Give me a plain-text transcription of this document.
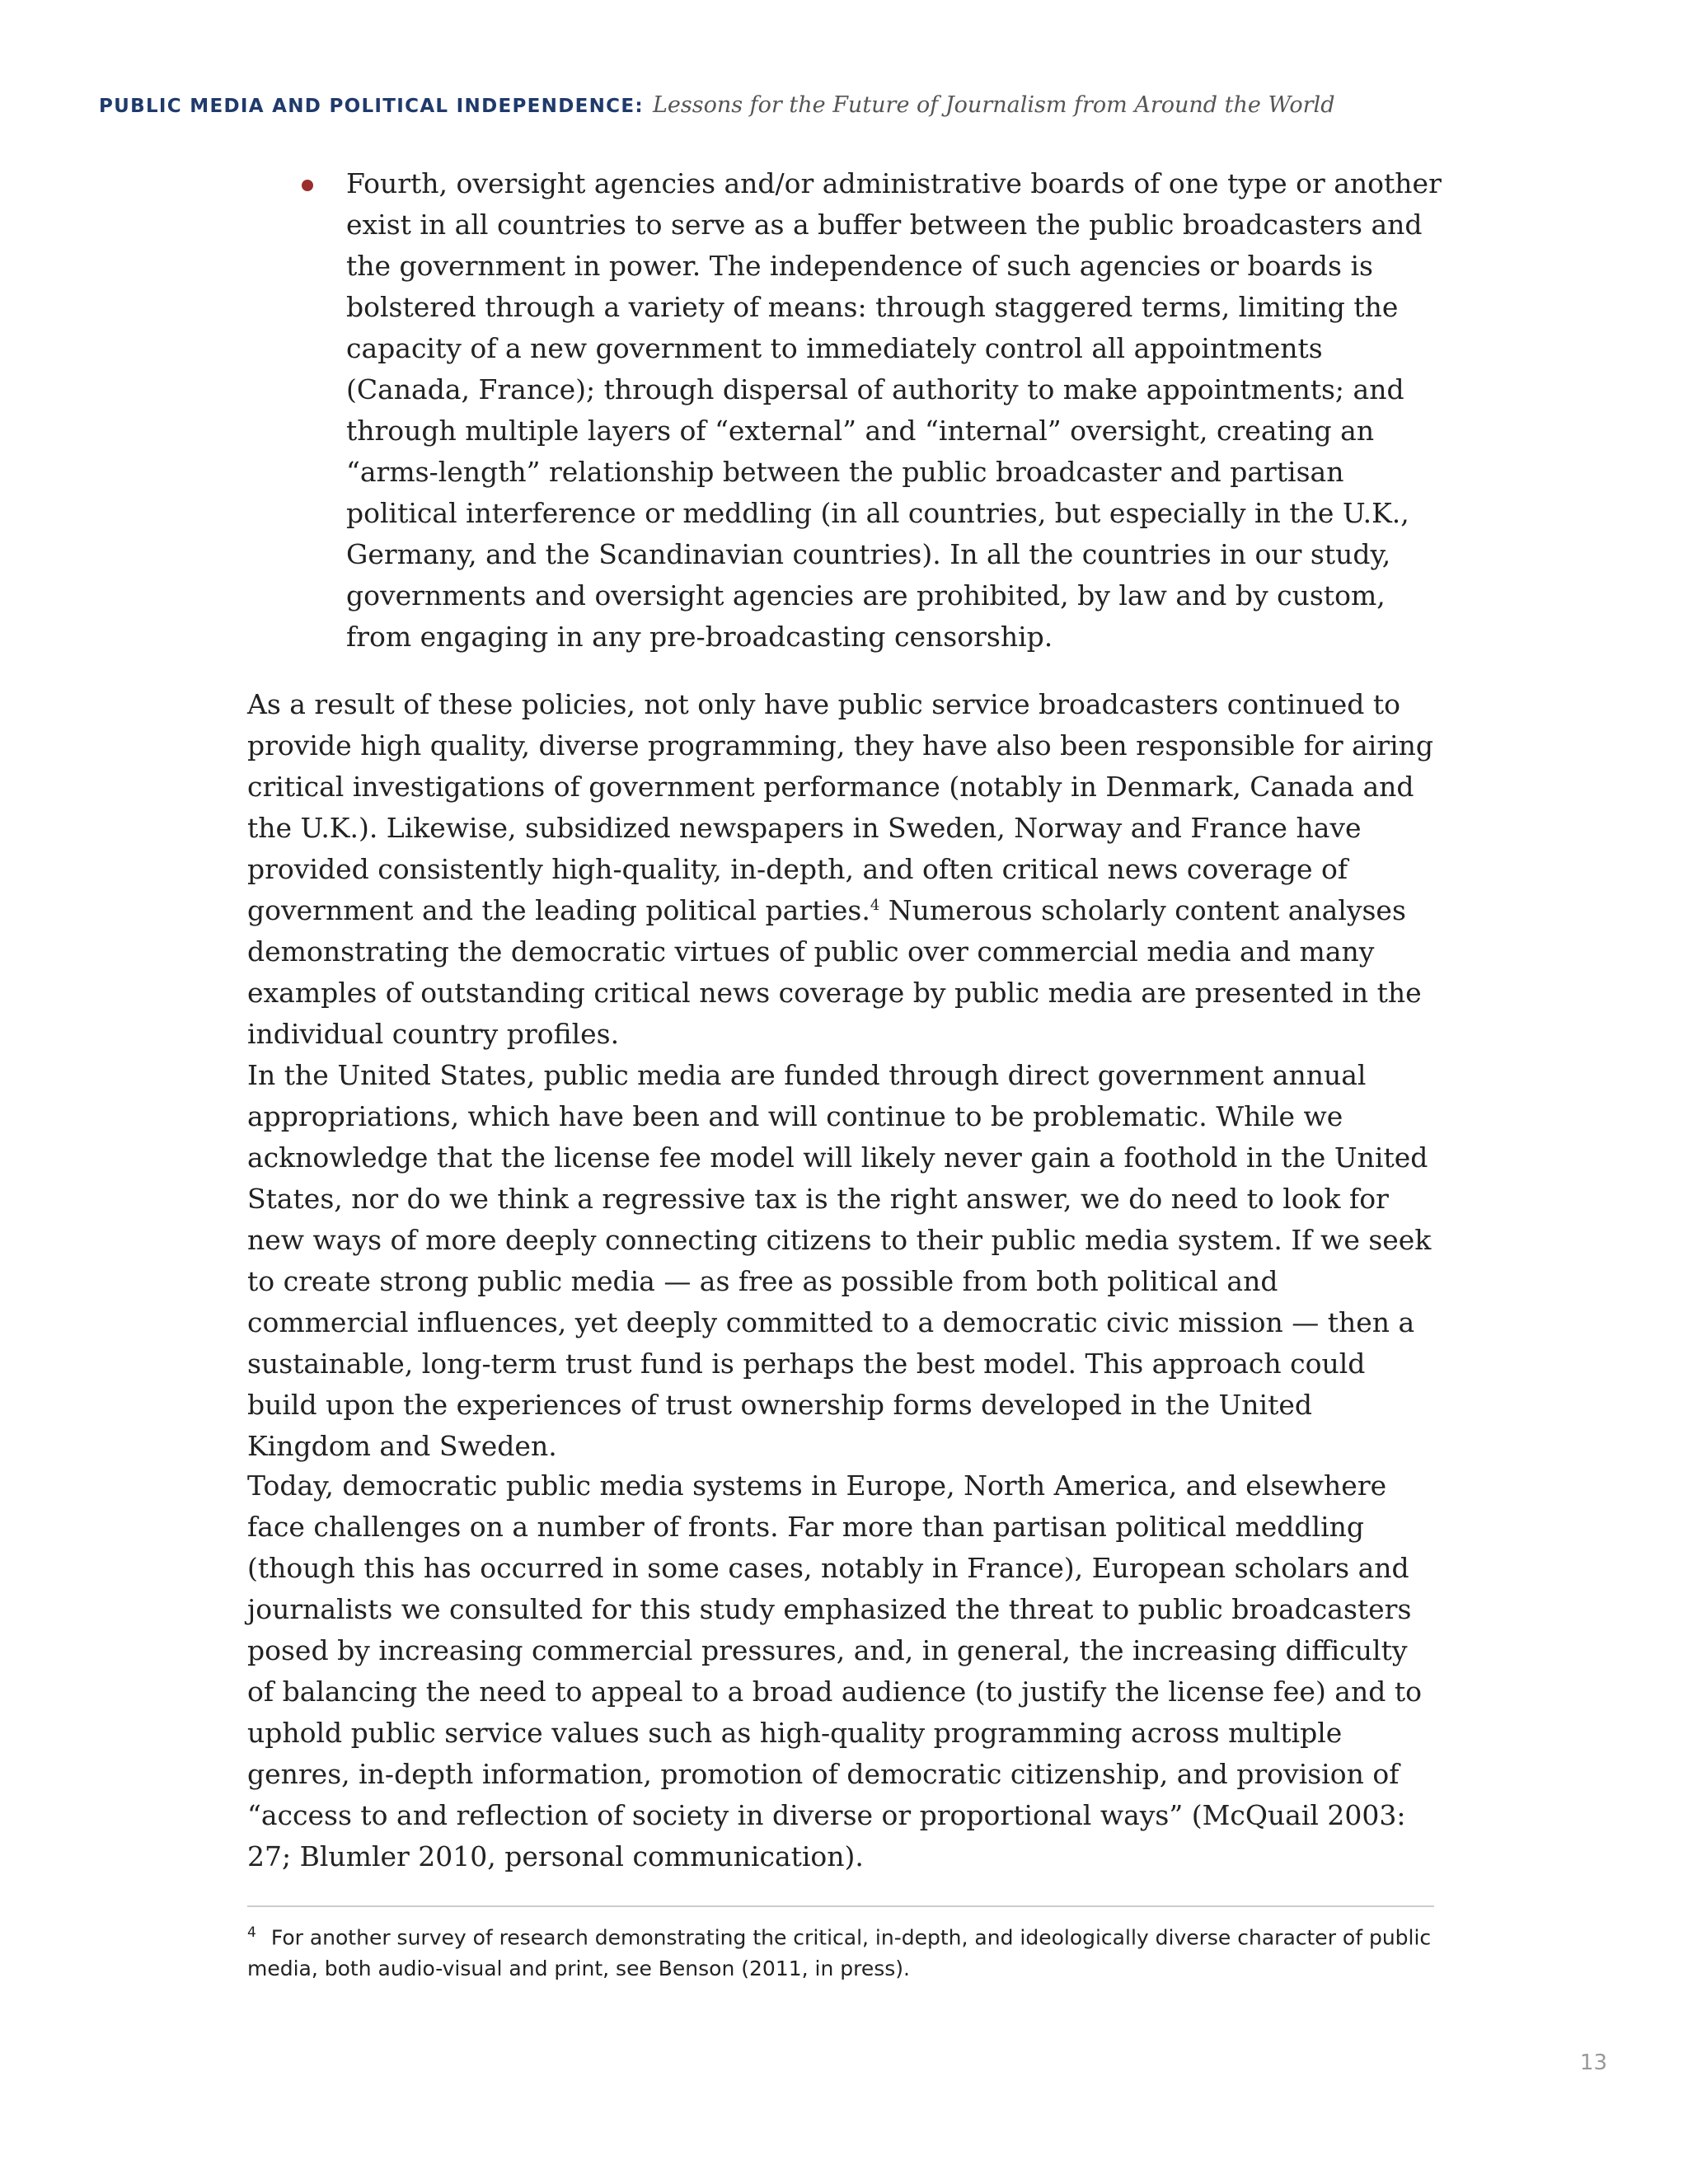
PUBLIC MEDIA AND POLITICAL INDEPENDENCE: Lessons for the Future of Journalism from Around the World

Fourth, oversight agencies and/or administrative boards of one type or another exist in all countries to serve as a buffer between the public broadcasters and the government in power. The independence of such agencies or boards is bolstered through a variety of means: through staggered terms, limiting the capacity of a new government to immediately control all appointments (Canada, France); through dispersal of authority to make appointments; and through multiple layers of “external” and “internal” oversight, creating an “arms-length” relationship between the public broadcaster and partisan political interference or meddling (in all countries, but especially in the U.K., Germany, and the Scandinavian countries). In all the countries in our study, governments and oversight agencies are prohibited, by law and by custom, from engaging in any pre-broadcasting censorship.

As a result of these policies, not only have public service broadcasters continued to provide high quality, diverse programming, they have also been responsible for airing critical investigations of government performance (notably in Denmark, Canada and the U.K.). Likewise, subsidized newspapers in Sweden, Norway and France have provided consistently high-quality, in-depth, and often critical news coverage of government and the leading political parties.$^4$ Numerous scholarly content analyses demonstrating the democratic virtues of public over commercial media and many examples of outstanding critical news coverage by public media are presented in the individual country profiles.

In the United States, public media are funded through direct government annual appropriations, which have been and will continue to be problematic. While we acknowledge that the license fee model will likely never gain a foothold in the United States, nor do we think a regressive tax is the right answer, we do need to look for new ways of more deeply connecting citizens to their public media system. If we seek to create strong public media — as free as possible from both political and commercial influences, yet deeply committed to a democratic civic mission — then a sustainable, long-term trust fund is perhaps the best model. This approach could build upon the experiences of trust ownership forms developed in the United Kingdom and Sweden.

Today, democratic public media systems in Europe, North America, and elsewhere face challenges on a number of fronts. Far more than partisan political meddling (though this has occurred in some cases, notably in France), European scholars and journalists we consulted for this study emphasized the threat to public broadcasters posed by increasing commercial pressures, and, in general, the increasing difficulty of balancing the need to appeal to a broad audience (to justify the license fee) and to uphold public service values such as high-quality programming across multiple genres, in-depth information, promotion of democratic citizenship, and provision of “access to and reflection of society in diverse or proportional ways” (McQuail 2003: 27; Blumler 2010, personal communication).

$^4$ For another survey of research demonstrating the critical, in-depth, and ideologically diverse character of public media, both audio-visual and print, see Benson (2011, in press).

13
